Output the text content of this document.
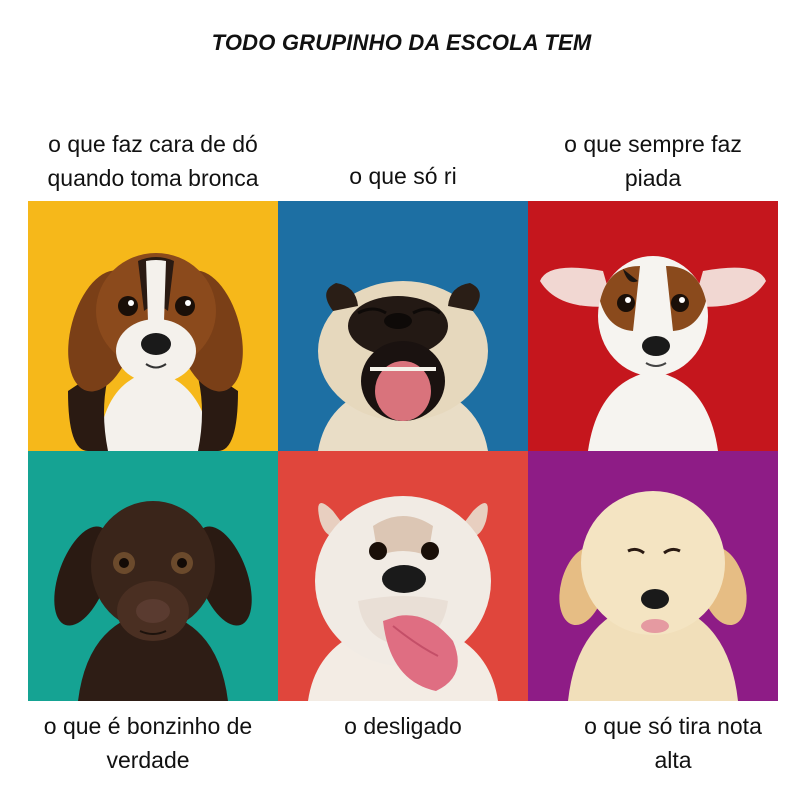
TODO GRUPINHO DA ESCOLA TEM
o que faz cara de dó
quando toma bronca	o que só ri
o que sempre faz
piada
o que é bonzinho de
verdade
o desligado	o que só tira nota
alta
